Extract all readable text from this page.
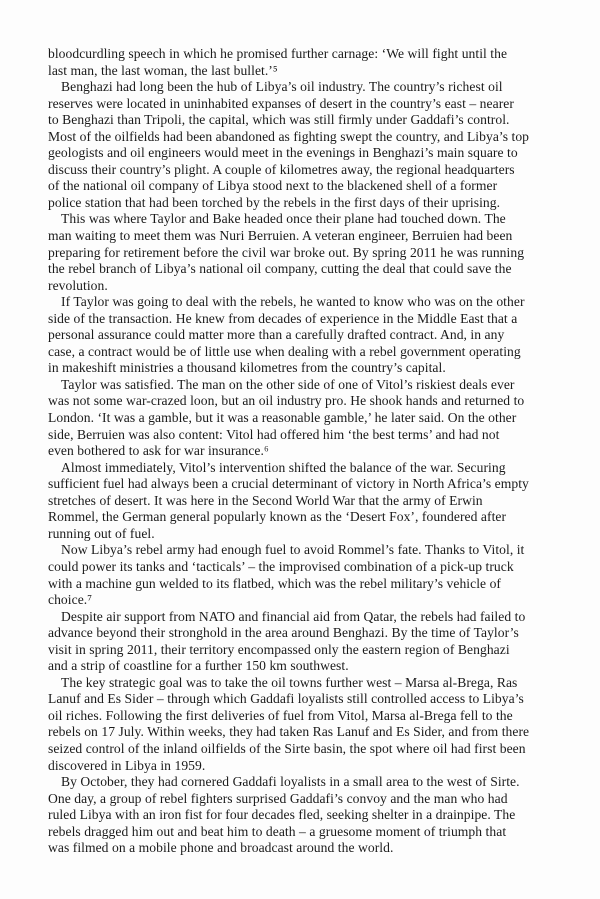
bloodcurdling speech in which he promised further carnage: ‘We will fight until the
last man, the last woman, the last bullet.’⁵

Benghazi had long been the hub of Libya’s oil industry. The country’s richest oil
reserves were located in uninhabited expanses of desert in the country’s east – nearer
to Benghazi than Tripoli, the capital, which was still firmly under Gaddafi’s control.
Most of the oilfields had been abandoned as fighting swept the country, and Libya’s top
geologists and oil engineers would meet in the evenings in Benghazi’s main square to
discuss their country’s plight. A couple of kilometres away, the regional headquarters
of the national oil company of Libya stood next to the blackened shell of a former
police station that had been torched by the rebels in the first days of their uprising.

This was where Taylor and Bake headed once their plane had touched down. The
man waiting to meet them was Nuri Berruien. A veteran engineer, Berruien had been
preparing for retirement before the civil war broke out. By spring 2011 he was running
the rebel branch of Libya’s national oil company, cutting the deal that could save the
revolution.

If Taylor was going to deal with the rebels, he wanted to know who was on the other
side of the transaction. He knew from decades of experience in the Middle East that a
personal assurance could matter more than a carefully drafted contract. And, in any
case, a contract would be of little use when dealing with a rebel government operating
in makeshift ministries a thousand kilometres from the country’s capital.

Taylor was satisfied. The man on the other side of one of Vitol’s riskiest deals ever
was not some war-crazed loon, but an oil industry pro. He shook hands and returned to
London. ‘It was a gamble, but it was a reasonable gamble,’ he later said. On the other
side, Berruien was also content: Vitol had offered him ‘the best terms’ and had not
even bothered to ask for war insurance.⁶

Almost immediately, Vitol’s intervention shifted the balance of the war. Securing
sufficient fuel had always been a crucial determinant of victory in North Africa’s empty
stretches of desert. It was here in the Second World War that the army of Erwin
Rommel, the German general popularly known as the ‘Desert Fox’, foundered after
running out of fuel.

Now Libya’s rebel army had enough fuel to avoid Rommel’s fate. Thanks to Vitol, it
could power its tanks and ‘tacticals’ – the improvised combination of a pick-up truck
with a machine gun welded to its flatbed, which was the rebel military’s vehicle of
choice.⁷

Despite air support from NATO and financial aid from Qatar, the rebels had failed to
advance beyond their stronghold in the area around Benghazi. By the time of Taylor’s
visit in spring 2011, their territory encompassed only the eastern region of Benghazi
and a strip of coastline for a further 150 km southwest.

The key strategic goal was to take the oil towns further west – Marsa al-Brega, Ras
Lanuf and Es Sider – through which Gaddafi loyalists still controlled access to Libya’s
oil riches. Following the first deliveries of fuel from Vitol, Marsa al-Brega fell to the
rebels on 17 July. Within weeks, they had taken Ras Lanuf and Es Sider, and from there
seized control of the inland oilfields of the Sirte basin, the spot where oil had first been
discovered in Libya in 1959.

By October, they had cornered Gaddafi loyalists in a small area to the west of Sirte.
One day, a group of rebel fighters surprised Gaddafi’s convoy and the man who had
ruled Libya with an iron fist for four decades fled, seeking shelter in a drainpipe. The
rebels dragged him out and beat him to death – a gruesome moment of triumph that
was filmed on a mobile phone and broadcast around the world.
